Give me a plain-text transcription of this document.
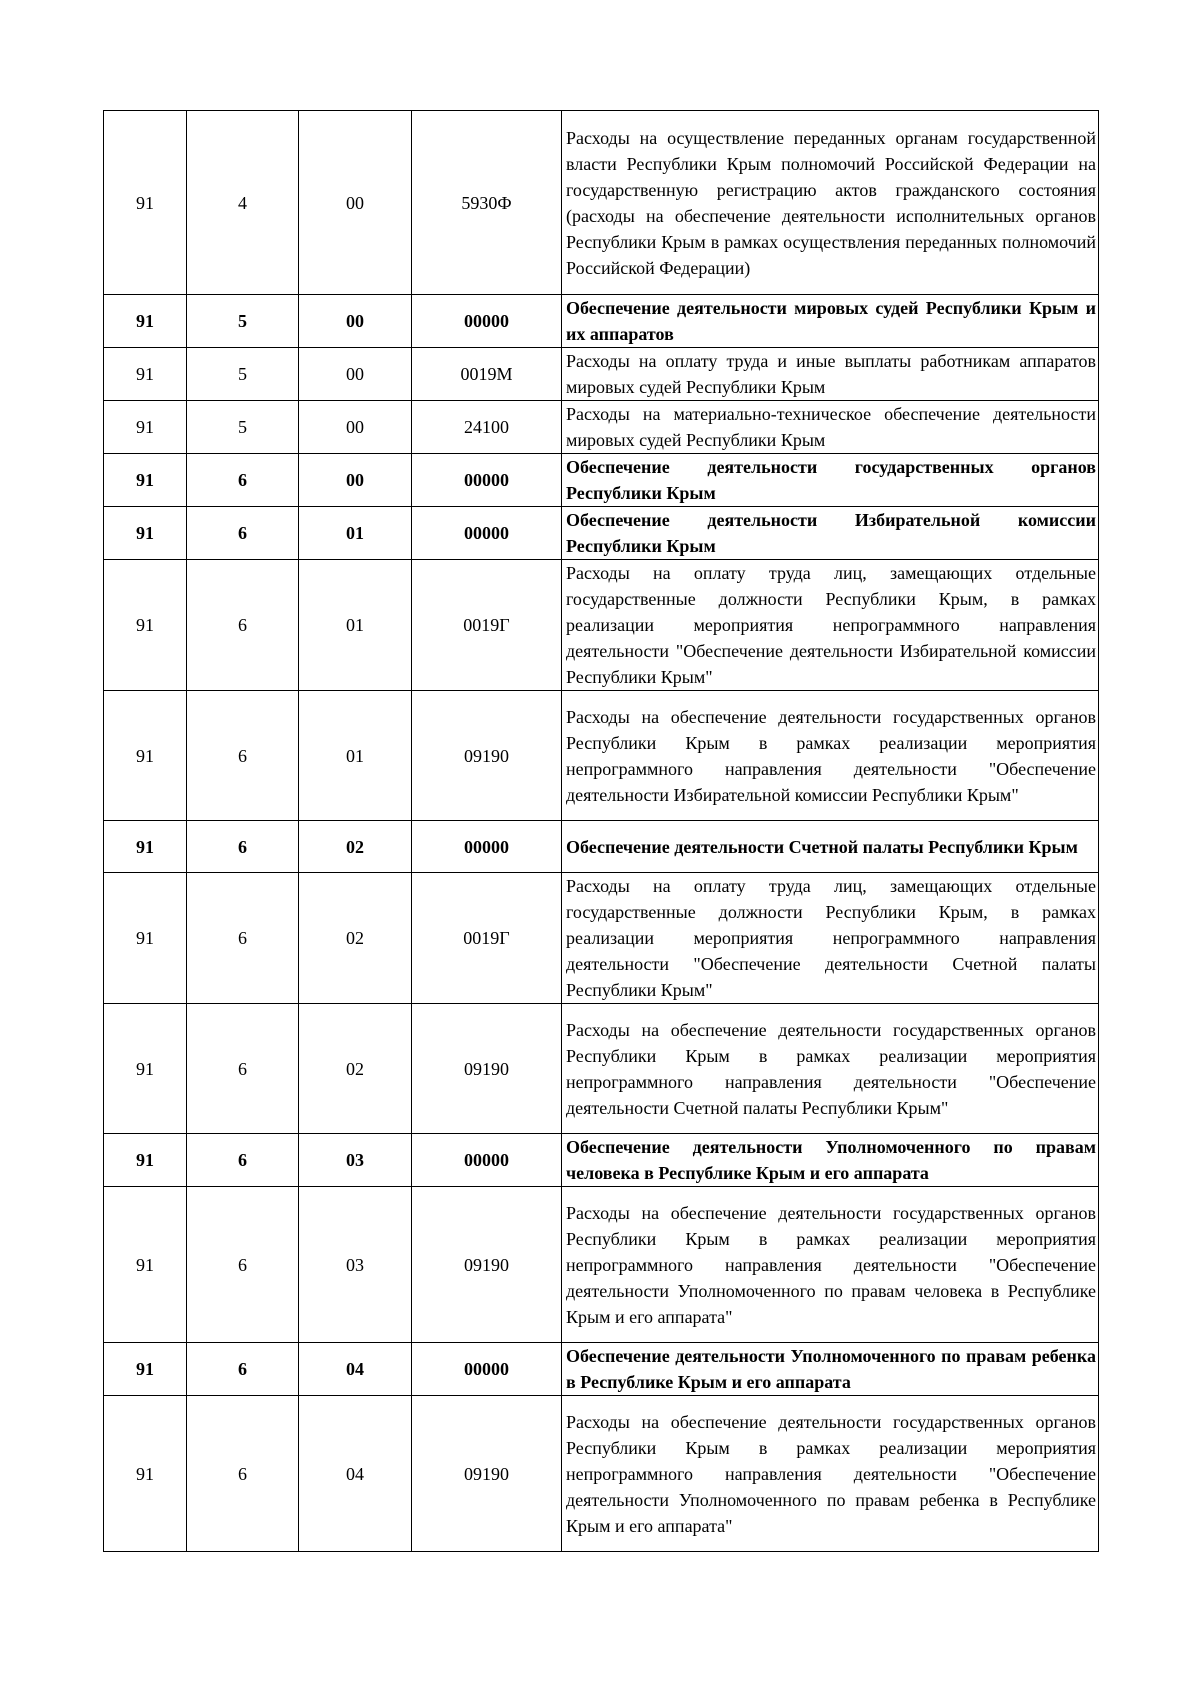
91	4	00	5930Ф	Расходы на осуществление переданных органам государственной власти Республики Крым полномочий Российской Федерации на государственную регистрацию актов гражданского состояния (расходы на обеспечение деятельности исполнительных органов Республики Крым в рамках осуществления переданных полномочий Российской Федерации)

91	5	00	00000	Обеспечение деятельности мировых судей Республики Крым и их аппаратов

91	5	00	0019М	Расходы на оплату труда и иные выплаты работникам аппаратов мировых судей Республики Крым

91	5	00	24100	Расходы на материально-техническое обеспечение деятельности мировых судей Республики Крым

91	6	00	00000	Обеспечение деятельности государственных органов Республики Крым

91	6	01	00000	Обеспечение деятельности Избирательной комиссии Республики Крым

91	6	01	0019Г	Расходы на оплату труда лиц, замещающих отдельные государственные должности Республики Крым, в рамках реализации мероприятия непрограммного направления деятельности "Обеспечение деятельности Избирательной комиссии Республики Крым"

91	6	01	09190	Расходы на обеспечение деятельности государственных органов Республики Крым в рамках реализации мероприятия непрограммного направления деятельности "Обеспечение деятельности Избирательной комиссии Республики Крым"

91	6	02	00000	Обеспечение деятельности Счетной палаты Республики Крым

91	6	02	0019Г	Расходы на оплату труда лиц, замещающих отдельные государственные должности Республики Крым, в рамках реализации мероприятия непрограммного направления деятельности "Обеспечение деятельности Счетной палаты Республики Крым"

91	6	02	09190	Расходы на обеспечение деятельности государственных органов Республики Крым в рамках реализации мероприятия непрограммного направления деятельности "Обеспечение деятельности Счетной палаты Республики Крым"

91	6	03	00000	Обеспечение деятельности Уполномоченного по правам человека в Республике Крым и его аппарата

91	6	03	09190	Расходы на обеспечение деятельности государственных органов Республики Крым в рамках реализации мероприятия непрограммного направления деятельности "Обеспечение деятельности Уполномоченного по правам человека в Республике Крым и его аппарата"

91	6	04	00000	Обеспечение деятельности Уполномоченного по правам ребенка в Республике Крым и его аппарата

91	6	04	09190	Расходы на обеспечение деятельности государственных органов Республики Крым в рамках реализации мероприятия непрограммного направления деятельности "Обеспечение деятельности Уполномоченного по правам ребенка в Республике Крым и его аппарата"
